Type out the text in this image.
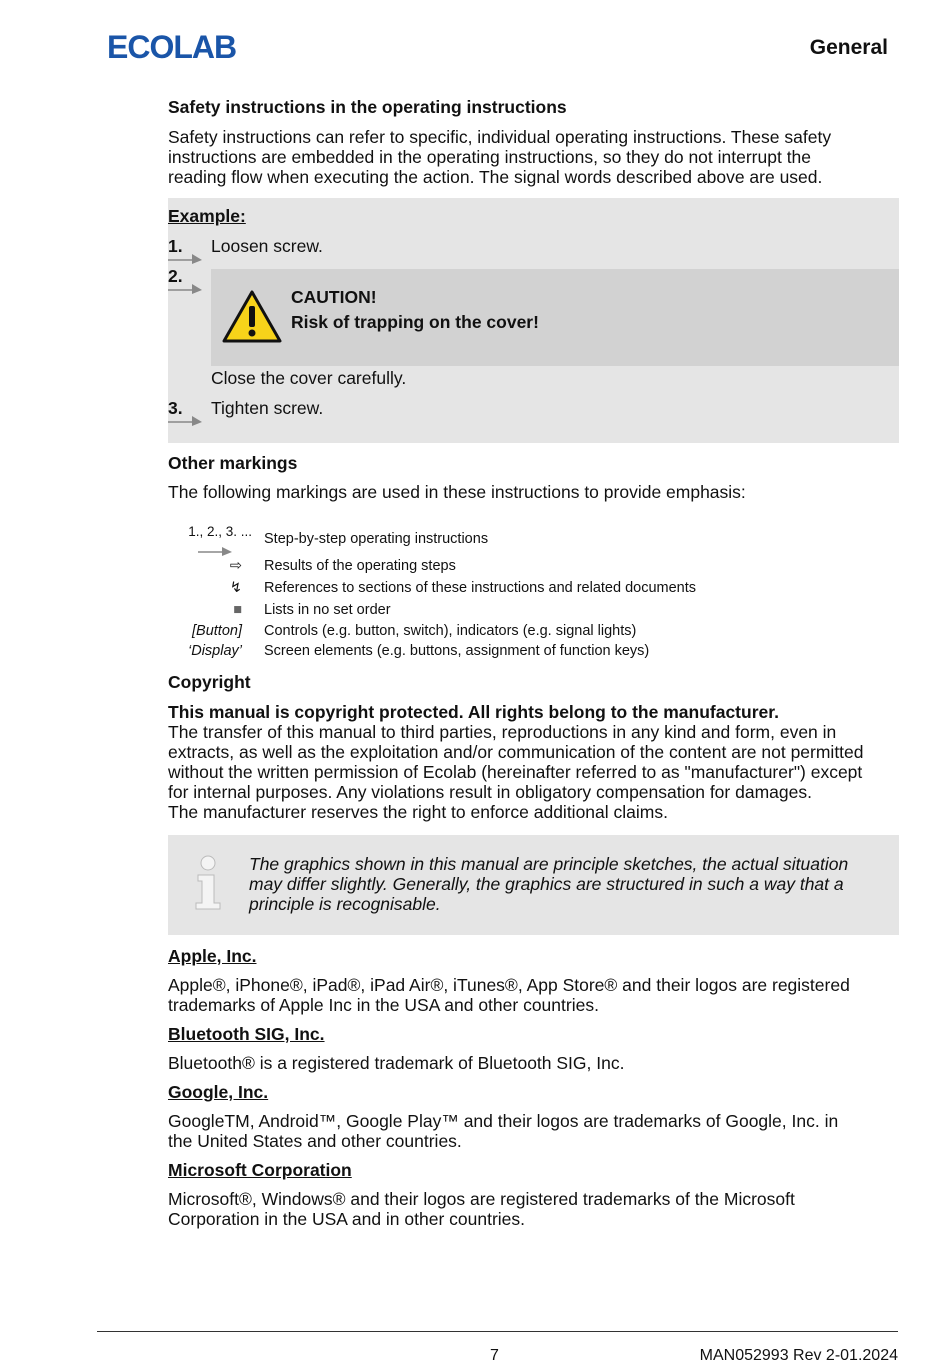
ECOLAB	General
Safety instructions in the operating instructions
Safety instructions can refer to specific, individual operating instructions. These safety
instructions are embedded in the operating instructions, so they do not interrupt the
reading flow when executing the action. The signal words described above are used.
Example:
1. Loosen screw.
2.
CAUTION!
Risk of trapping on the cover!
Close the cover carefully.
3. Tighten screw.
Other markings
The following markings are used in these instructions to provide emphasis:
1., 2., 3. ... Step-by-step operating instructions
⇨ Results of the operating steps
↯ References to sections of these instructions and related documents
■ Lists in no set order
[Button] Controls (e.g. button, switch), indicators (e.g. signal lights)
‘Display’ Screen elements (e.g. buttons, assignment of function keys)
Copyright
This manual is copyright protected. All rights belong to the manufacturer.
The transfer of this manual to third parties, reproductions in any kind and form, even in
extracts, as well as the exploitation and/or communication of the content are not permitted
without the written permission of Ecolab (hereinafter referred to as "manufacturer") except
for internal purposes. Any violations result in obligatory compensation for damages.
The manufacturer reserves the right to enforce additional claims.
The graphics shown in this manual are principle sketches, the actual situation
may differ slightly. Generally, the graphics are structured in such a way that a
principle is recognisable.
Apple, Inc.
Apple®, iPhone®, iPad®, iPad Air®, iTunes®, App Store® and their logos are registered
trademarks of Apple Inc in the USA and other countries.
Bluetooth SIG, Inc.
Bluetooth® is a registered trademark of Bluetooth SIG, Inc.
Google, Inc.
GoogleTM, Android™, Google Play™ and their logos are trademarks of Google, Inc. in
the United States and other countries.
Microsoft Corporation
Microsoft®, Windows® and their logos are registered trademarks of the Microsoft
Corporation in the USA and in other countries.
7	MAN052993 Rev 2-01.2024
